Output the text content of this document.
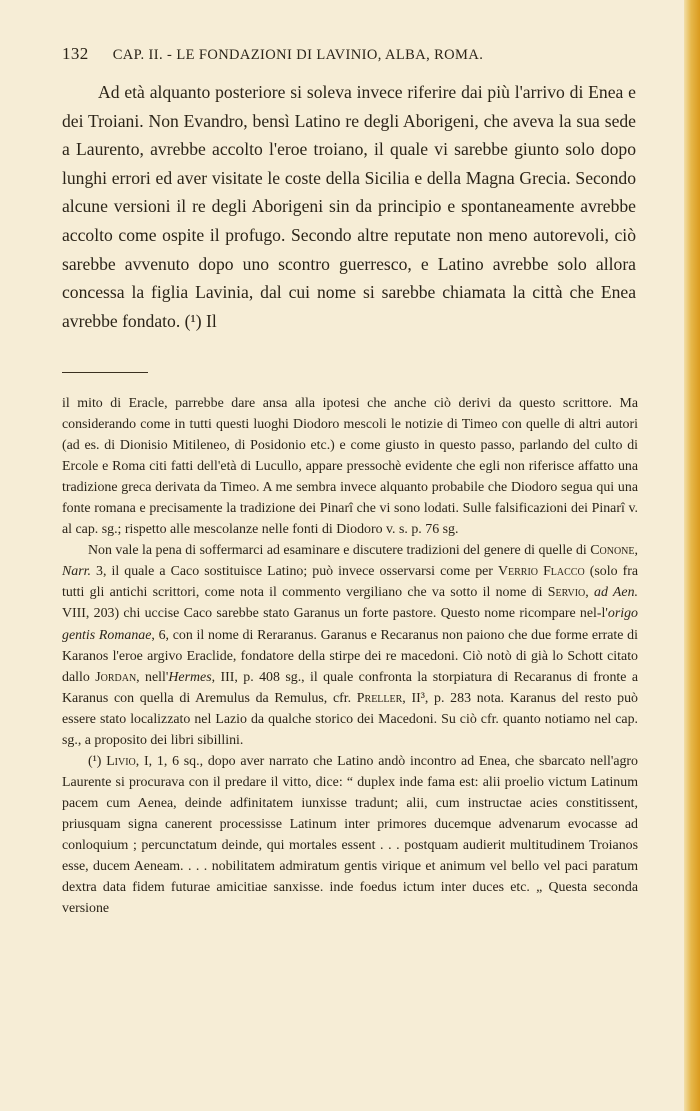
132 CAP. II. - LE FONDAZIONI DI LAVINIO, ALBA, ROMA.

Ad età alquanto posteriore si soleva invece riferire dai più l'arrivo di Enea e dei Troiani. Non Evandro, bensì Latino re degli Aborigeni, che aveva la sua sede a Laurento, avrebbe accolto l'eroe troiano, il quale vi sarebbe giunto solo dopo lunghi errori ed aver visitate le coste della Sicilia e della Magna Grecia. Secondo alcune versioni il re degli Aborigeni sin da principio e spontaneamente avrebbe accolto come ospite il profugo. Secondo altre reputate non meno autorevoli, ciò sarebbe avvenuto dopo uno scontro guerresco, e Latino avrebbe solo allora concessa la figlia Lavinia, dal cui nome si sarebbe chiamata la città che Enea avrebbe fondato. (¹) Il

il mito di Eracle, parrebbe dare ansa alla ipotesi che anche ciò derivi da questo scrittore. Ma considerando come in tutti questi luoghi Diodoro mescoli le notizie di Timeo con quelle di altri autori (ad es. di Dionisio Mitileneo, di Posidonio etc.) e come giusto in questo passo, parlando del culto di Ercole e Roma citi fatti dell'età di Lucullo, appare pressochè evidente che egli non riferisce affatto una tradizione greca derivata da Timeo. A me sembra invece alquanto probabile che Diodoro segua qui una fonte romana e precisamente la tradizione dei Pinarî che vi sono lodati. Sulle falsificazioni dei Pinarî v. al cap. sg.; rispetto alle mescolanze nelle fonti di Diodoro v. s. p. 76 sg.

Non vale la pena di soffermarci ad esaminare e discutere tradizioni del genere di quelle di Conone, Narr. 3, il quale a Caco sostituisce Latino; può invece osservarsi come per Verrio Flacco (solo fra tutti gli antichi scrittori, come nota il commento vergiliano che va sotto il nome di Servio, ad Aen. VIII, 203) chi uccise Caco sarebbe stato Garanus un forte pastore. Questo nome ricompare nel-l'origo gentis Romanae, 6, con il nome di Reraranus. Garanus e Recaranus non paiono che due forme errate di Karanos l'eroe argivo Eraclide, fondatore della stirpe dei re macedoni. Ciò notò di già lo Schott citato dallo Jordan, nell'Hermes, III, p. 408 sg., il quale confronta la storpiatura di Recaranus di fronte a Karanus con quella di Aremulus da Remulus, cfr. Preller, II³, p. 283 nota. Karanus del resto può essere stato localizzato nel Lazio da qualche storico dei Macedoni. Su ciò cfr. quanto notiamo nel cap. sg., a proposito dei libri sibillini.

(¹) Livio, I, 1, 6 sq., dopo aver narrato che Latino andò incontro ad Enea, che sbarcato nell'agro Laurente si procurava con il predare il vitto, dice: “ duplex inde fama est: alii proelio victum Latinum pacem cum Aenea, deinde adfinitatem iunxisse tradunt; alii, cum instructae acies constitissent, priusquam signa canerent processisse Latinum inter primores ducemque advenarum evocasse ad conloquium ; percunctatum deinde, qui mortales essent . . . postquam audierit multitudinem Troianos esse, ducem Aeneam. . . . nobilitatem admiratum gentis virique et animum vel bello vel paci paratum dextra data fidem futurae amicitiae sanxisse. inde foedus ictum inter duces etc. „ Questa seconda versione
